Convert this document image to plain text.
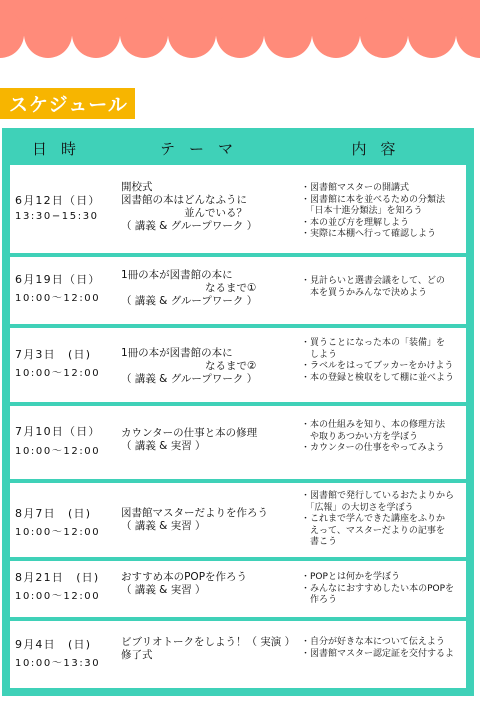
スケジュール
日時	テーマ	内容
6月12日（日）
13:30−15:30
開校式
図書館の本はどんなふうに
　　　　　　並んでいる？
（ 講義 & グループワーク ）
・図書館マスターの開講式
・図書館に本を並べるための分類法
　「日本十進分類法」を知ろう
・本の並び方を理解しよう
・実際に本棚へ行って確認しよう
6月19日（日）
10:00〜12:00
1冊の本が図書館の本に
　　　　　　　　なるまで①
（ 講義 & グループワーク ）
・見計らいと選書会議をして、どの
　本を買うかみんなで決めよう
7月3日　(日)
10:00〜12:00
1冊の本が図書館の本に
　　　　　　　　なるまで②
（ 講義 & グループワーク ）
・買うことになった本の「装備」を
　しよう
・ラベルをはってブッカーをかけよう
・本の登録と検収をして棚に並べよう
7月10日（日）
10:00〜12:00
カウンターの仕事と本の修理
（ 講義 & 実習 ）
・本の仕組みを知り、本の修理方法
　や取りあつかい方を学ぼう
・カウンターの仕事をやってみよう
8月7日　(日)
10:00〜12:00
図書館マスターだよりを作ろう
（ 講義 & 実習 ）
・図書館で発行しているおたよりから
　「広報」の大切さを学ぼう
・これまで学んできた講座をふりか
　えって、マスターだよりの記事を
　書こう
8月21日　(日)
10:00〜12:00
おすすめ本のPOPを作ろう
（ 講義 & 実習 ）
・POPとは何かを学ぼう
・みんなにおすすめしたい本のPOPを
　作ろう
9月4日　(日)
10:00〜13:30
ビブリオトークをしよう！（ 実演 ）
修了式
・自分が好きな本について伝えよう
・図書館マスター認定証を交付するよ
